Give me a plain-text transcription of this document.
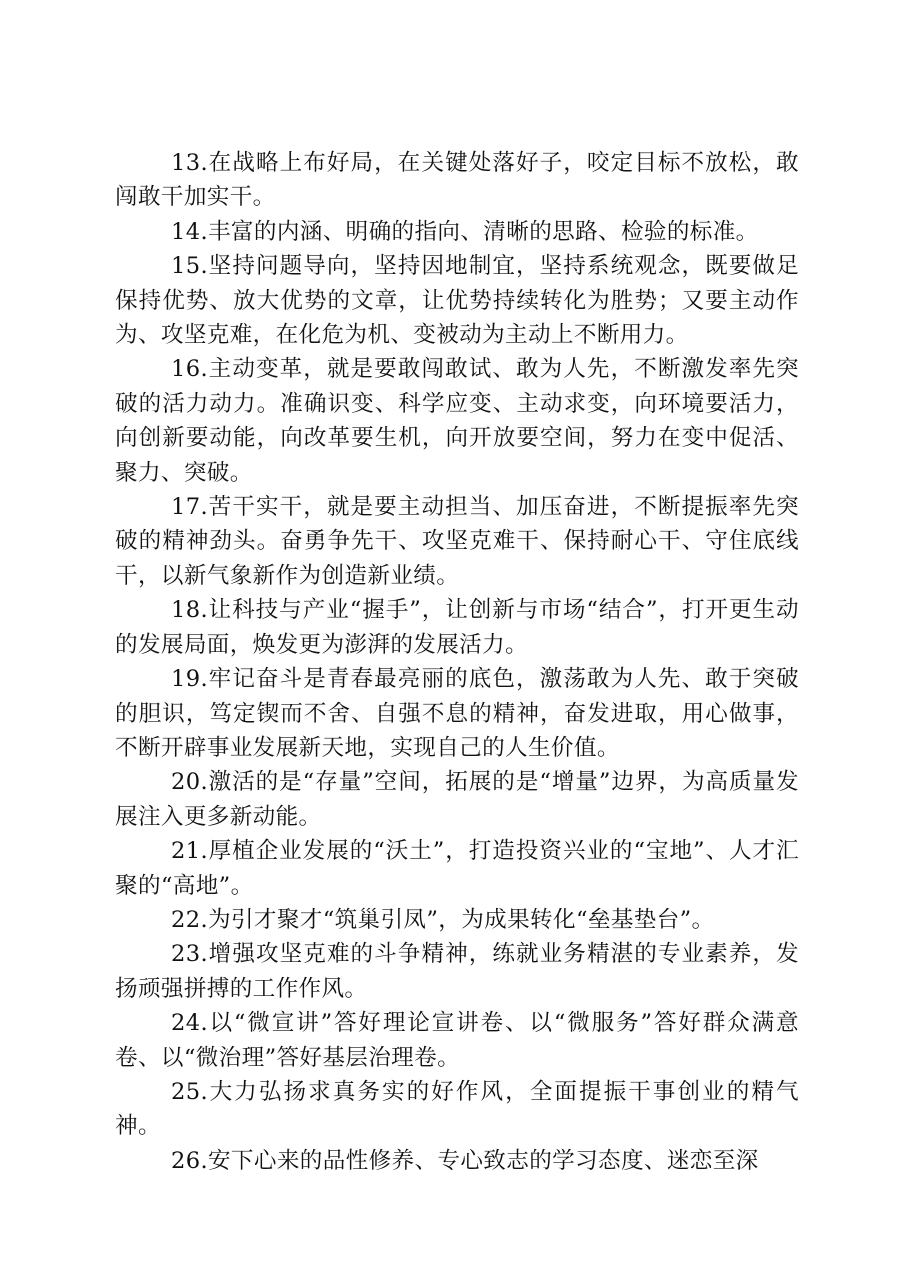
13.在战略上布好局，在关键处落好子，咬定目标不放松，敢闯敢干加实干。

14.丰富的内涵、明确的指向、清晰的思路、检验的标准。

15.坚持问题导向，坚持因地制宜，坚持系统观念，既要做足保持优势、放大优势的文章，让优势持续转化为胜势；又要主动作为、攻坚克难，在化危为机、变被动为主动上不断用力。

16.主动变革，就是要敢闯敢试、敢为人先，不断激发率先突破的活力动力。准确识变、科学应变、主动求变，向环境要活力，向创新要动能，向改革要生机，向开放要空间，努力在变中促活、聚力、突破。

17.苦干实干，就是要主动担当、加压奋进，不断提振率先突破的精神劲头。奋勇争先干、攻坚克难干、保持耐心干、守住底线干，以新气象新作为创造新业绩。

18.让科技与产业“握手”，让创新与市场“结合”，打开更生动的发展局面，焕发更为澎湃的发展活力。

19.牢记奋斗是青春最亮丽的底色，激荡敢为人先、敢于突破的胆识，笃定锲而不舍、自强不息的精神，奋发进取，用心做事，不断开辟事业发展新天地，实现自己的人生价值。

20.激活的是“存量”空间，拓展的是“增量”边界，为高质量发展注入更多新动能。

21.厚植企业发展的“沃土”，打造投资兴业的“宝地”、人才汇聚的“高地”。

22.为引才聚才“筑巢引凤”，为成果转化“垒基垫台”。

23.增强攻坚克难的斗争精神，练就业务精湛的专业素养，发扬顽强拼搏的工作作风。

24.以“微宣讲”答好理论宣讲卷、以“微服务”答好群众满意卷、以“微治理”答好基层治理卷。

25.大力弘扬求真务实的好作风，全面提振干事创业的精气神。

26.安下心来的品性修养、专心致志的学习态度、迷恋至深
